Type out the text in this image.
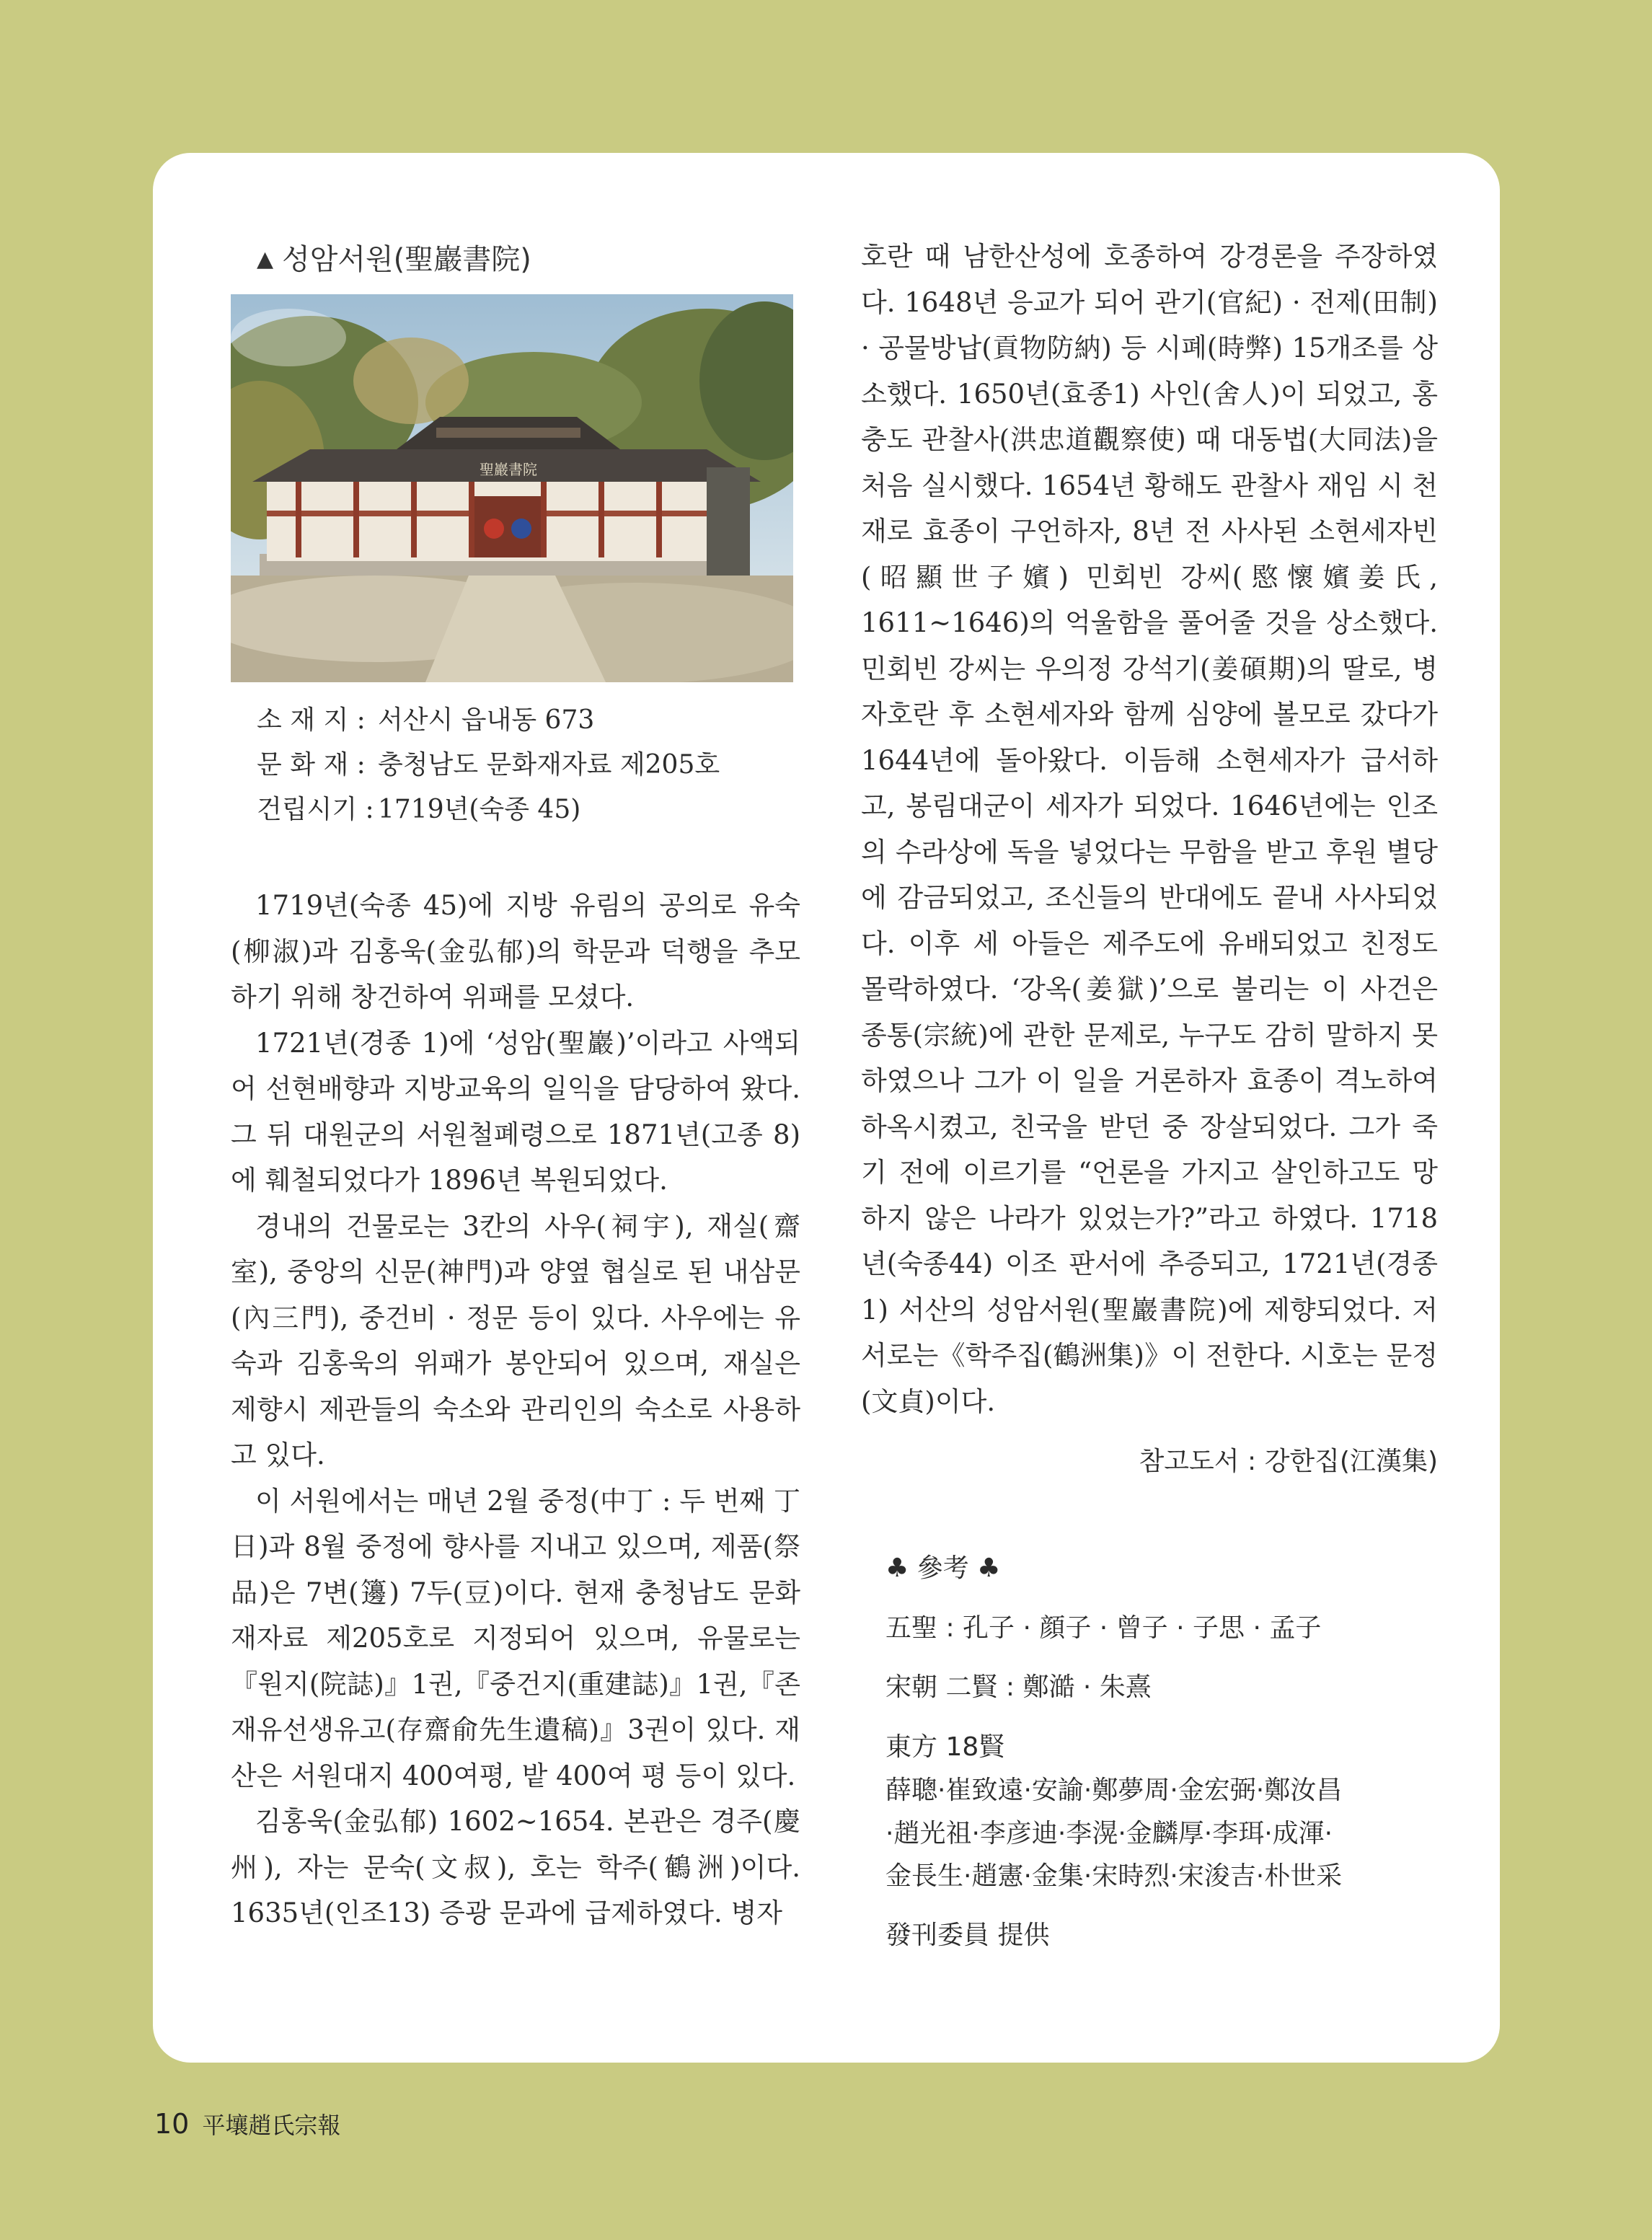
▲ 성암서원(聖巖書院)
聖巖書院
소 재 지 : 서산시 읍내동 673
문 화 재 : 충청남도 문화재자료 제205호
건립시기 : 1719년(숙종 45)

1719년(숙종 45)에 지방 유림의 공의로 유숙(柳淑)과 김홍욱(金弘郁)의 학문과 덕행을 추모하기 위해 창건하여 위패를 모셨다.

1721년(경종 1)에 ‘성암(聖巖)’이라고 사액되어 선현배향과 지방교육의 일익을 담당하여 왔다. 그 뒤 대원군의 서원철폐령으로 1871년(고종 8)에 훼철되었다가 1896년 복원되었다.

경내의 건물로는 3칸의 사우(祠宇), 재실(齋室), 중앙의 신문(神門)과 양옆 협실로 된 내삼문(內三門), 중건비 · 정문 등이 있다. 사우에는 유숙과 김홍욱의 위패가 봉안되어 있으며, 재실은 제향시 제관들의 숙소와 관리인의 숙소로 사용하고 있다.

이 서원에서는 매년 2월 중정(中丁 : 두 번째 丁日)과 8월 중정에 향사를 지내고 있으며, 제품(祭品)은 7변(籩) 7두(豆)이다. 현재 충청남도 문화재자료 제205호로 지정되어 있으며, 유물로는 『원지(院誌)』1권,『중건지(重建誌)』1권,『존재유선생유고(存齋俞先生遺稿)』3권이 있다. 재산은 서원대지 400여평, 밭 400여 평 등이 있다.

김홍욱(金弘郁) 1602~1654. 본관은 경주(慶州), 자는 문숙(文叔), 호는 학주(鶴洲)이다. 1635년(인조13) 증광 문과에 급제하였다. 병자

호란 때 남한산성에 호종하여 강경론을 주장하였다. 1648년 응교가 되어 관기(官紀) · 전제(田制) · 공물방납(貢物防納) 등 시폐(時弊) 15개조를 상소했다. 1650년(효종1) 사인(舍人)이 되었고, 홍충도 관찰사(洪忠道觀察使) 때 대동법(大同法)을 처음 실시했다. 1654년 황해도 관찰사 재임 시 천재로 효종이 구언하자, 8년 전 사사된 소현세자빈(昭顯世子嬪) 민회빈 강씨(愍懷嬪姜氏, 1611~1646)의 억울함을 풀어줄 것을 상소했다. 민회빈 강씨는 우의정 강석기(姜碩期)의 딸로, 병자호란 후 소현세자와 함께 심양에 볼모로 갔다가 1644년에 돌아왔다. 이듬해 소현세자가 급서하고, 봉림대군이 세자가 되었다. 1646년에는 인조의 수라상에 독을 넣었다는 무함을 받고 후원 별당에 감금되었고, 조신들의 반대에도 끝내 사사되었다. 이후 세 아들은 제주도에 유배되었고 친정도 몰락하였다. ‘강옥(姜獄)’으로 불리는 이 사건은 종통(宗統)에 관한 문제로, 누구도 감히 말하지 못하였으나 그가 이 일을 거론하자 효종이 격노하여 하옥시켰고, 친국을 받던 중 장살되었다. 그가 죽기 전에 이르기를 “언론을 가지고 살인하고도 망하지 않은 나라가 있었는가?”라고 하였다. 1718년(숙종44) 이조 판서에 추증되고, 1721년(경종1) 서산의 성암서원(聖巖書院)에 제향되었다. 저서로는《학주집(鶴洲集)》이 전한다. 시호는 문정(文貞)이다.

참고도서 : 강한집(江漢集)
♣ 參考 ♣
五聖 : 孔子 · 顔子 · 曾子 · 子思 · 孟子
宋朝 二賢 : 鄭澔 · 朱熹
東方 18賢
薛聰·崔致遠·安諭·鄭夢周·金宏弼·鄭汝昌
·趙光祖·李彦迪·李滉·金麟厚·李珥·成渾·
金長生·趙憲·金集·宋時烈·宋浚吉·朴世采
發刊委員 提供
10 平壤趙氏宗報
